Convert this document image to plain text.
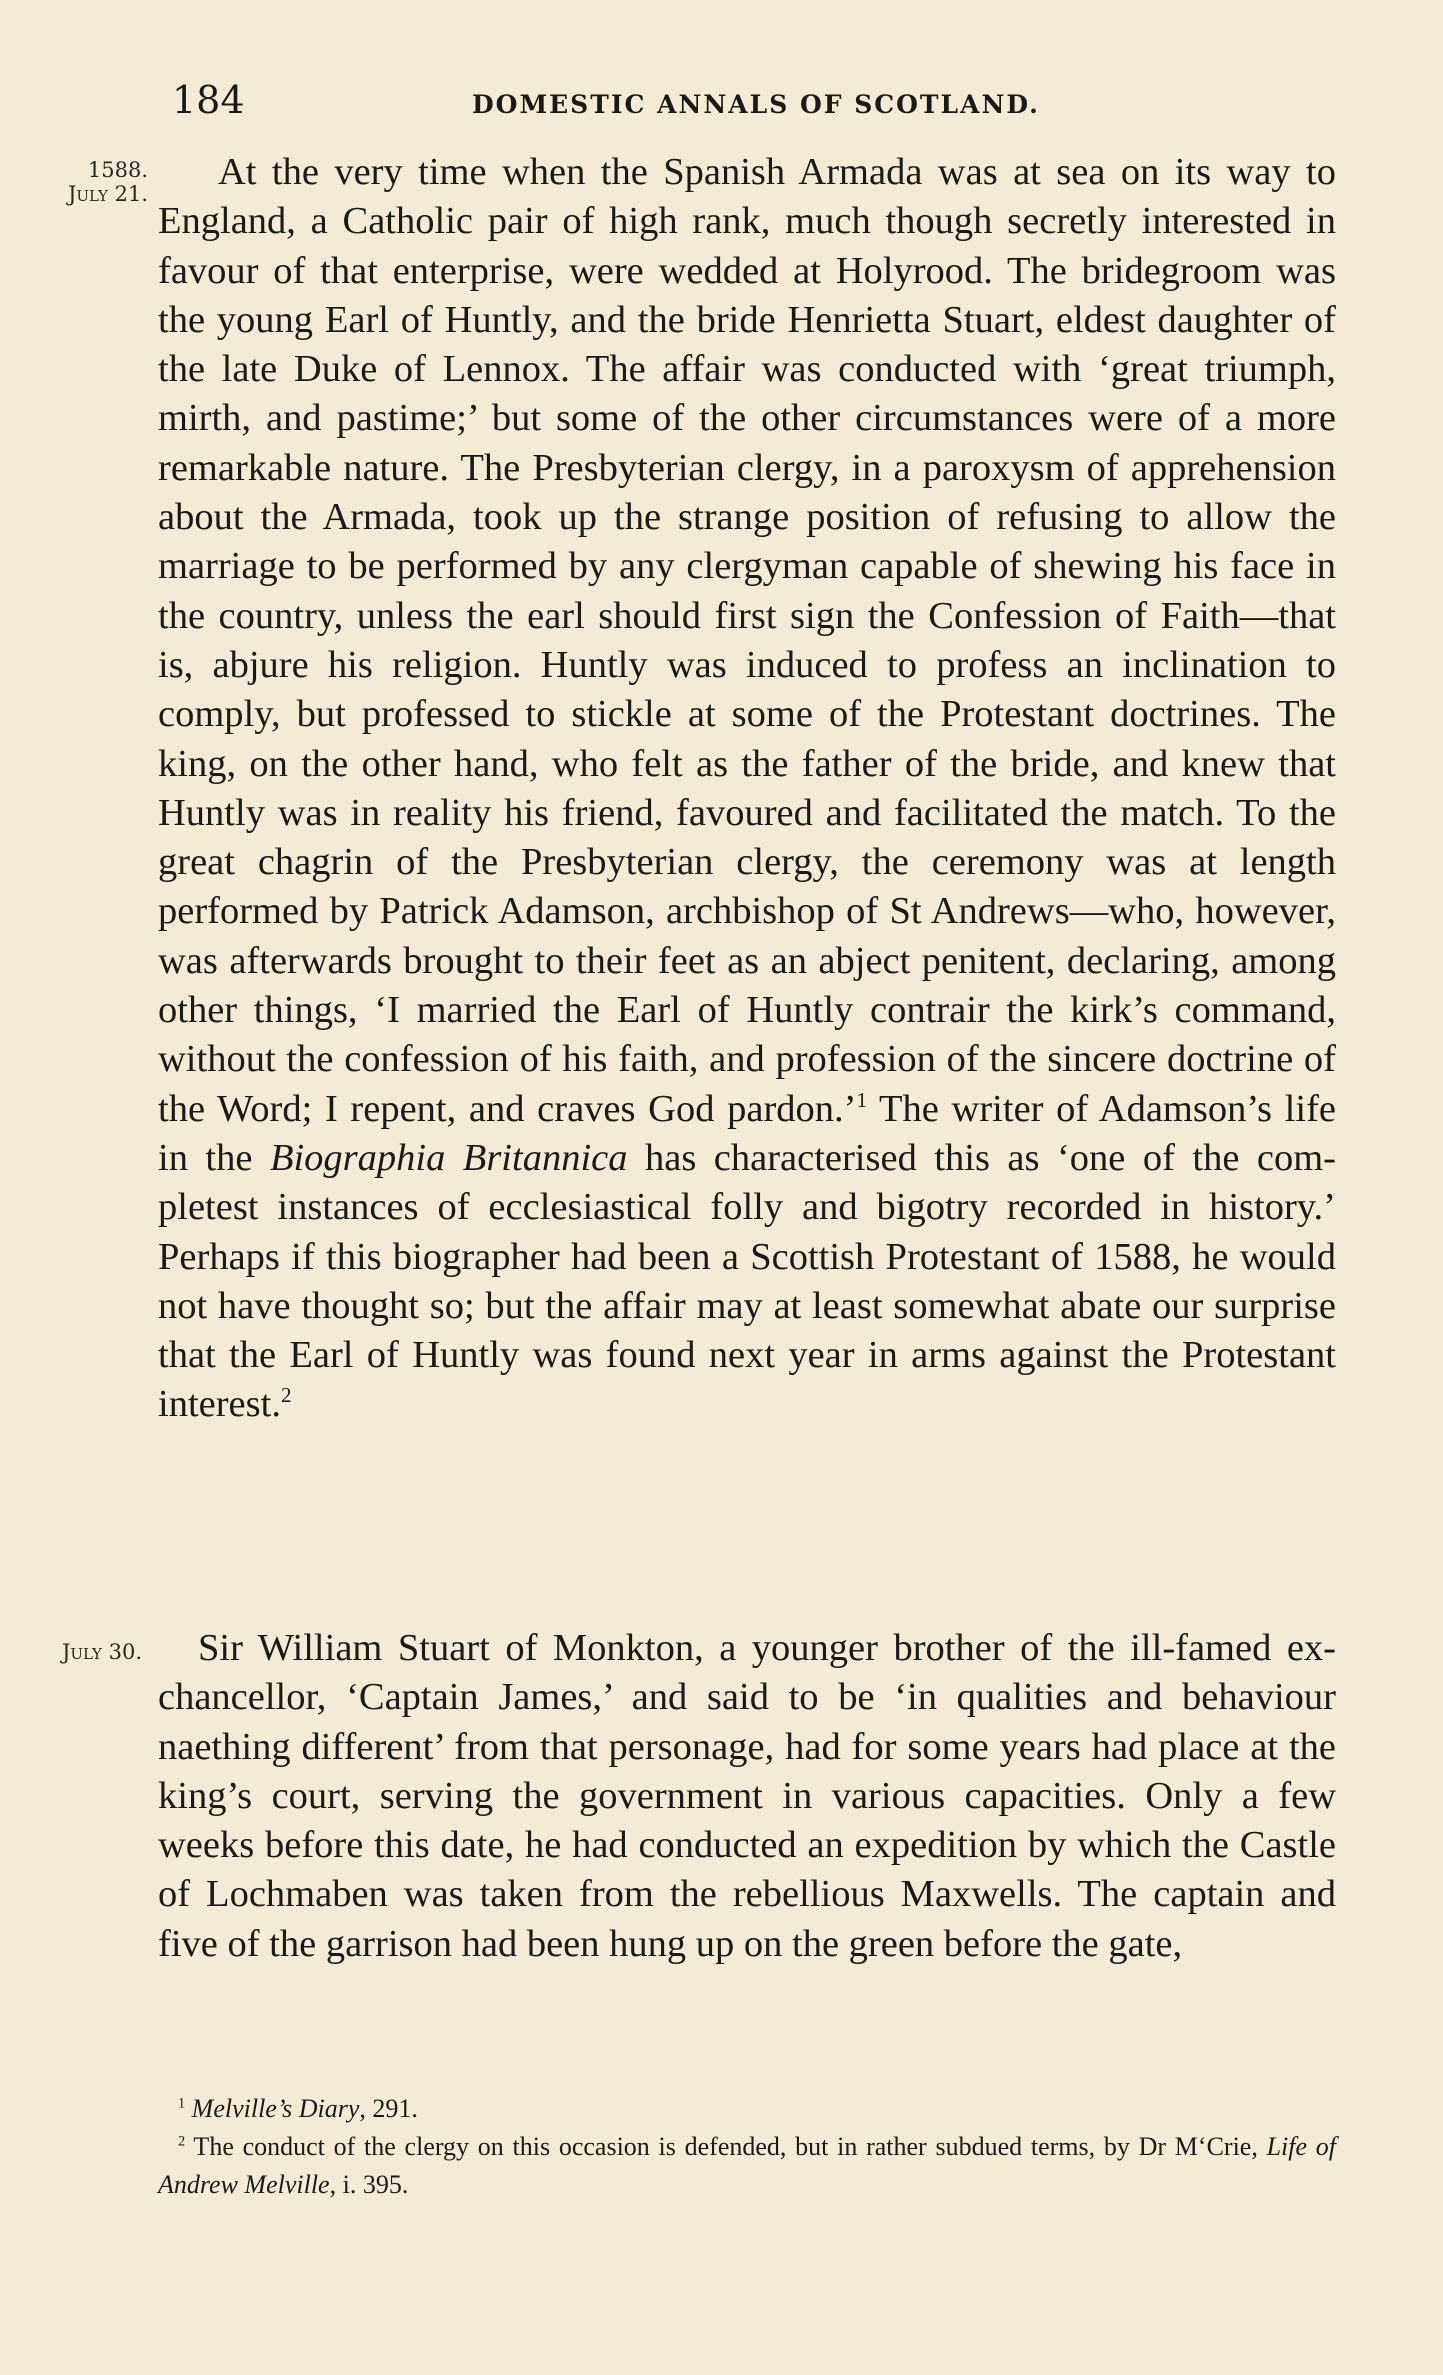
184	DOMESTIC ANNALS OF SCOTLAND.
1588.
July 21.
At the very time when the Spanish Armada was at sea on its way to England, a Catholic pair of high rank, much though secretly interested in favour of that enterprise, were wedded at Holyrood. The bridegroom was the young Earl of Huntly, and the bride Henrietta Stuart, eldest daughter of the late Duke of Lennox. The affair was conducted with ‘great triumph, mirth, and pastime;’ but some of the other circumstances were of a more remarkable nature. The Presbyterian clergy, in a paroxysm of apprehension about the Armada, took up the strange position of refusing to allow the marriage to be performed by any clergyman capable of shewing his face in the country, unless the earl should first sign the Confession of Faith—that is, abjure his religion. Huntly was induced to profess an inclination to comply, but professed to stickle at some of the Protestant doctrines. The king, on the other hand, who felt as the father of the bride, and knew that Huntly was in reality his friend, favoured and facilitated the match. To the great chagrin of the Presbyterian clergy, the ceremony was at length performed by Patrick Adamson, archbishop of St Andrews—who, however, was afterwards brought to their feet as an abject penitent, declaring, among other things, ‘I married the Earl of Huntly contrair the kirk’s command, without the confession of his faith, and profession of the sincere doctrine of the Word; I repent, and craves God pardon.’$^1$ The writer of Adamson’s life in the Biographia Britannica has characterised this as ‘one of the com- pletest instances of ecclesiastical folly and bigotry recorded in history.’ Perhaps if this biographer had been a Scottish Protestant of 1588, he would not have thought so; but the affair may at least somewhat abate our surprise that the Earl of Huntly was found next year in arms against the Protestant interest.$^2$
July 30.	Sir William Stuart of Monkton, a younger brother of the ill-famed ex-chancellor, ‘Captain James,’ and said to be ‘in qualities and behaviour naething different’ from that personage, had for some years had place at the king’s court, serving the government in various capacities. Only a few weeks before this date, he had conducted an expedition by which the Castle of Lochmaben was taken from the rebellious Maxwells. The captain and five of the garrison had been hung up on the green before the gate,
$^1$ Melville’s Diary, 291.
$^2$ The conduct of the clergy on this occasion is defended, but in rather subdued terms, by Dr M‘Crie, Life of Andrew Melville, i. 395.
